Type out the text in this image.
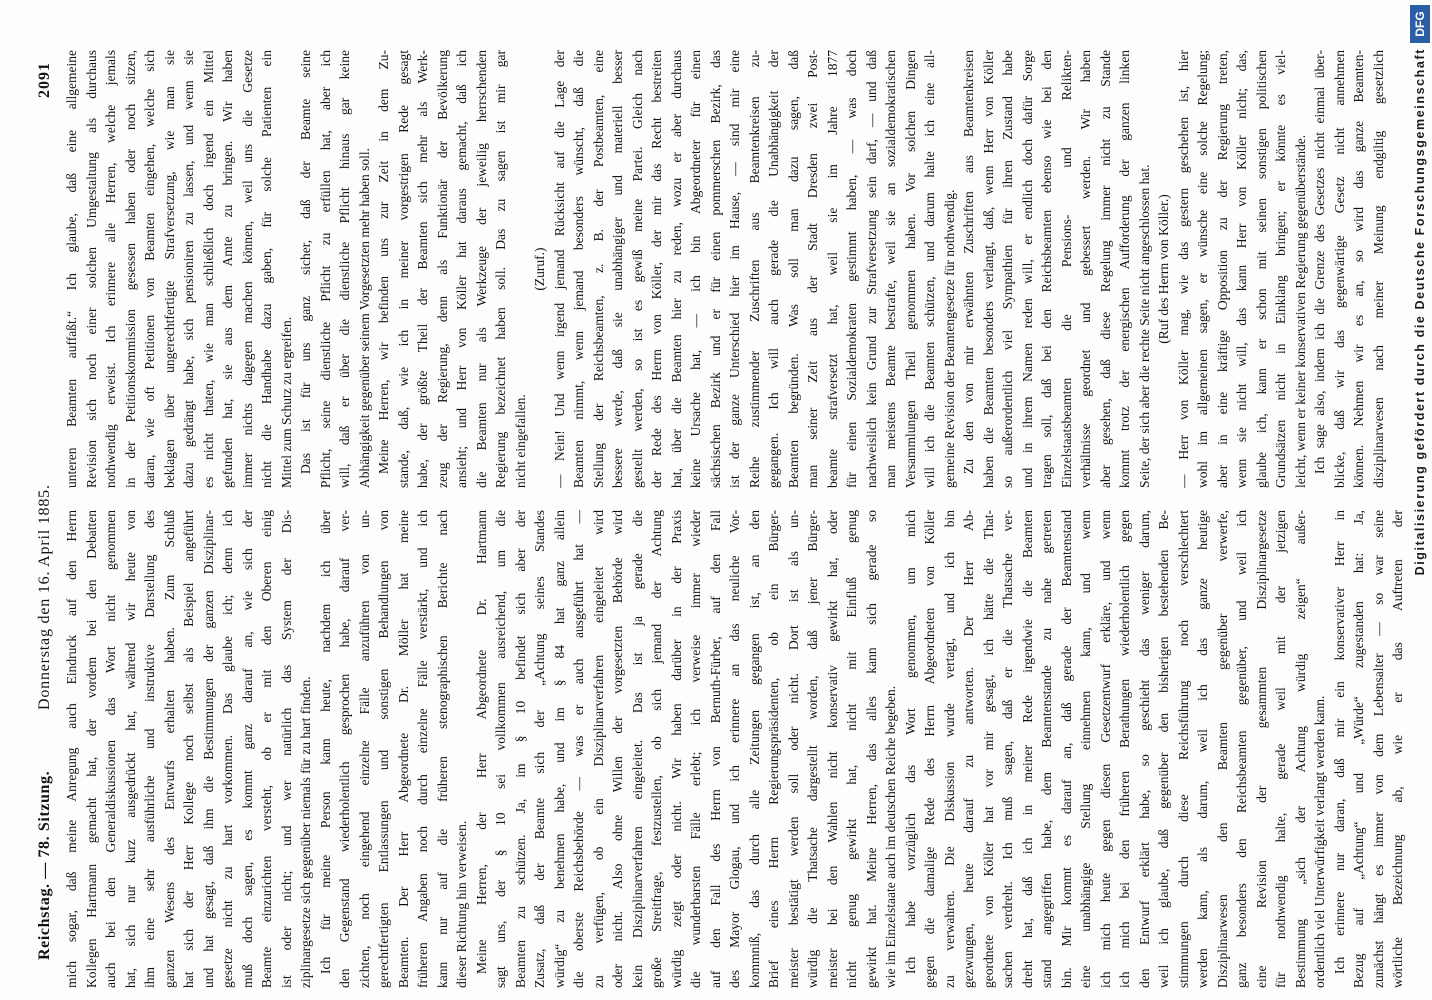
Reichstag. — 78. Sitzung.
Donnerstag den 16. April 1885.
2091
mich sogar, daß meine Anregung auch Eindruck auf den Herrn Kollegen Hartmann gemacht hat, der vordem bei den Debatten auch bei den Generaldiskussionen das Wort nicht genommen hat, sich nur kurz ausgedrückt hat, während wir heute von ihm eine sehr ausführliche und instruktive Darstellung des ganzen Wesens des Entwurfs erhalten haben. Zum Schluß hat sich der Herr Kollege noch selbst als Beispiel angeführt und hat gesagt, daß ihm die Bestimmungen der ganzen Disziplinar- gesetze nicht zu hart vorkommen. Das glaube ich; denn ich muß doch sagen, es kommt ganz darauf an, wie sich der Beamte einzurichten versteht, ob er mit den Oberen einig ist oder nicht; und wer natürlich das System der Dis- ziplinargesetze sich gegenüber niemals für zu hart finden. Ich für meine Person kann heute, nachdem ich über den Gegenstand wiederholentlich gesprochen habe, darauf ver- zichten, noch eingehend einzelne Fälle anzuführen von un- gerechtfertigten Entlassungen und sonstigen Behandlungen von Beamten. Der Herr Abgeordnete Dr. Möller hat meine früheren Angaben noch durch einzelne Fälle verstärkt, und ich kann nur auf die früheren stenographischen Berichte nach dieser Richtung hin verweisen. Meine Herren, der Herr Abgeordnete Dr. Hartmann sagt uns, der § 10 sei vollkommen ausreichend, um die Beamten zu schützen. Ja, im § 10 befindet sich aber der Zusatz, daß der Beamte sich der „Achtung seines Standes würdig“ zu benehmen habe, und im § 84 hat ganz allein die oberste Reichsbehörde — was er auch ausgeführt hat — zu verfügen, ob ein Disziplinarverfahren eingeleitet wird oder nicht. Also ohne Willen der vorgesetzten Behörde wird kein Disziplinarverfahren eingeleitet. Das ist ja gerade die große Streitfrage, festzustellen, ob sich jemand der Achtung würdig zeigt oder nicht. Wir haben darüber in der Praxis die wunderbarsten Fälle erlebt; ich verweise immer wieder auf den Fall des Herrn von Bernuth-Fürber, auf den Fall des Mayor Glogau, und ich erinnere an das neuliche Vor- kommniß, das durch alle Zeitungen gegangen ist, an den Brief eines Herrn Regierungspräsidenten, ob ein Bürger- meister bestätigt werden soll oder nicht. Dort ist als un- würdig die Thatsache dargestellt worden, daß jener Bürger- meister bei den Wahlen nicht konservativ gewirkt hat, oder nicht genug gewirkt hat, nicht mit Einfluß genug gewirkt hat. Meine Herren, das alles kann sich gerade so wie im Einzelstaate auch im deutschen Reiche begeben. Ich habe vorzüglich das Wort genommen, um mich gegen die damalige Rede des Herrn Abgeordneten von Köller zu verwahren. Die Diskussion wurde vertagt, und ich bin gezwungen, heute darauf zu antworten. Der Herr Ab- geordnete von Köller hat vor mir gesagt, ich hätte die That- sachen verdreht. Ich muß sagen, daß er die Thatsache ver- dreht hat, daß ich in meiner Rede irgendwie die Beamten stand angegriffen habe, dem Beamtenstande zu nahe getreten bin. Mir kommt es darauf an, daß gerade der Beamtenstand eine unabhängige Stellung einnehmen kann, und wenn ich mich heute gegen diesen Gesetzentwurf erkläre, und wenn ich mich bei den früheren Berathungen wiederholentlich gegen den Entwurf erklärt habe, so geschieht das weniger darum, weil ich glaube, daß gegenüber den bisherigen bestehenden Be- stimmungen durch diese Reichsführung noch verschlechtert werden kann, als darum, weil ich das ganze heutige Disziplinarwesen den Beamten gegenüber verwerfe, ganz besonders den Reichsbeamten gegenüber, und weil ich eine Revision der gesammten Disziplinargesetze für nothwendig halte, gerade weil mit der jetzigen Bestimmung „sich der Achtung würdig zeigen“ außer- ordentlich viel Unterwürfigkeit verlangt werden kann. Ich erinnere nur daran, daß mir ein konservativer Herr in Bezug auf „Achtung“ und „Würde“ zugestanden hat: Ja, zunächst hängt es immer von dem Lebensalter — so war seine wörtliche Bezeichnung ab, wie er das Auftreten der
unteren Beamten auffaßt.“ Ich glaube, daß eine allgemeine Revision sich noch einer solchen Umgestaltung als durchaus nothwendig erweist. Ich erinnere alle Herren, welche jemals in der Petitionskommission gesessen haben oder noch sitzen, daran, wie oft Petitionen von Beamten eingehen, welche sich beklagen über ungerechtfertigte Strafversetzung, wie man sie dazu gedrängt habe, sich pensioniren zu lassen, und wenn sie es nicht thaten, wie man schließlich doch irgend ein Mittel gefunden hat, sie aus dem Amte zu bringen. Wir haben immer nichts dagegen machen können, weil uns die Gesetze nicht die Handhabe dazu gaben, für solche Patienten ein Mittel zum Schutz zu ergreifen. Das ist für uns ganz sicher, daß der Beamte seine Pflicht, seine dienstliche Pflicht zu erfüllen hat, aber ich will, daß er über die dienstliche Pflicht hinaus gar keine Abhängigkeit gegenüber seinem Vorgesetzten mehr haben soll. Meine Herren, wir befinden uns zur Zeit in dem Zu- stande, daß, wie ich in meiner vorgestrigen Rede gesagt habe, der größte Theil der Beamten sich mehr als Werk- zeug der Regierung, denn als Funktionär der Bevölkerung ansieht; und Herr von Köller hat daraus gemacht, daß ich die Beamten nur als Werkzeuge der jeweilig herrschenden Regierung bezeichnet haben soll. Das zu sagen ist mir gar nicht eingefallen.
(Zuruf.) — Nein! Und wenn irgend jemand Rücksicht auf die Lage der Beamten nimmt, wenn jemand besonders wünscht, daß die Stellung der Reichsbeamten, z. B. der Postbeamten, eine bessere werde, daß sie unabhängiger und materiell besser gestellt werden, so ist es gewiß meine Partei. Gleich nach der Rede des Herrn von Köller, der mir das Recht bestreiten hat, über die Beamten hier zu reden, wozu er aber durchaus keine Ursache hat, — ich bin Abgeordneter für einen sächsischen Bezirk und er für einen pommerschen Bezirk, das ist der ganze Unterschied hier im Hause, — sind mir eine Reihe zustimmender Zuschriften aus Beamtenkreisen zu- gegangen. Ich will auch gerade die Unabhängigkeit der Beamten begründen. Was soll man dazu sagen, daß man seiner Zeit aus der Stadt Dresden zwei Post- beamte strafversetzt hat, weil sie im Jahre 1877 für einen Sozialdemokraten gestimmt haben, — was doch nachweislich kein Grund zur Strafversetzung sein darf, — und daß man meistens Beamte bestrafte, weil sie an sozialdemokratischen Versammlungen Theil genommen haben. Vor solchen Dingen will ich die Beamten schützen, und darum halte ich eine all- gemeine Revision der Beamtengesetze für nothwendig. Zu den von mir erwähnten Zuschriften aus Beamtenkreisen haben die Beamten besonders verlangt, daß, wenn Herr von Köller so außerordentlich viel Sympathien für ihren Zustand habe und in ihrem Namen reden will, er endlich doch dafür Sorge tragen soll, daß bei den Reichsbeamten ebenso wie bei den Einzelstaatsbeamten die Pensions- und Relikten- verhältnisse geordnet und gebessert werden. Wir haben aber gesehen, daß diese Regelung immer nicht zu Stande kommt trotz der energischen Aufforderung der ganzen linken Seite, der sich aber die rechte Seite nicht angeschlossen hat. (Ruf des Herrn von Köller.) — Herr von Köller mag, wie das gestern geschehen ist, hier wohl im allgemeinen sagen, er wünsche eine solche Regelung; aber in eine kräftige Opposition zu der Regierung treten, wenn sie nicht will, das kann Herr von Köller nicht; das, glaube ich, kann er schon mit seinen sonstigen politischen Grundsätzen nicht in Einklang bringen; er könnte es viel- leicht, wenn er keiner konservativen Regierung gegenüberstände. Ich sage also, indem ich die Grenze des Gesetzes nicht einmal über- blicke, daß wir das gegenwärtige Gesetz nicht annehmen können. Nehmen wir es an, so wird das ganze Beamten- disziplinarwesen nach meiner Meinung endgiltig gesetzlich Digitalisierung gefördert durch die Deutsche Forschungsgemeinschaft
DFG
